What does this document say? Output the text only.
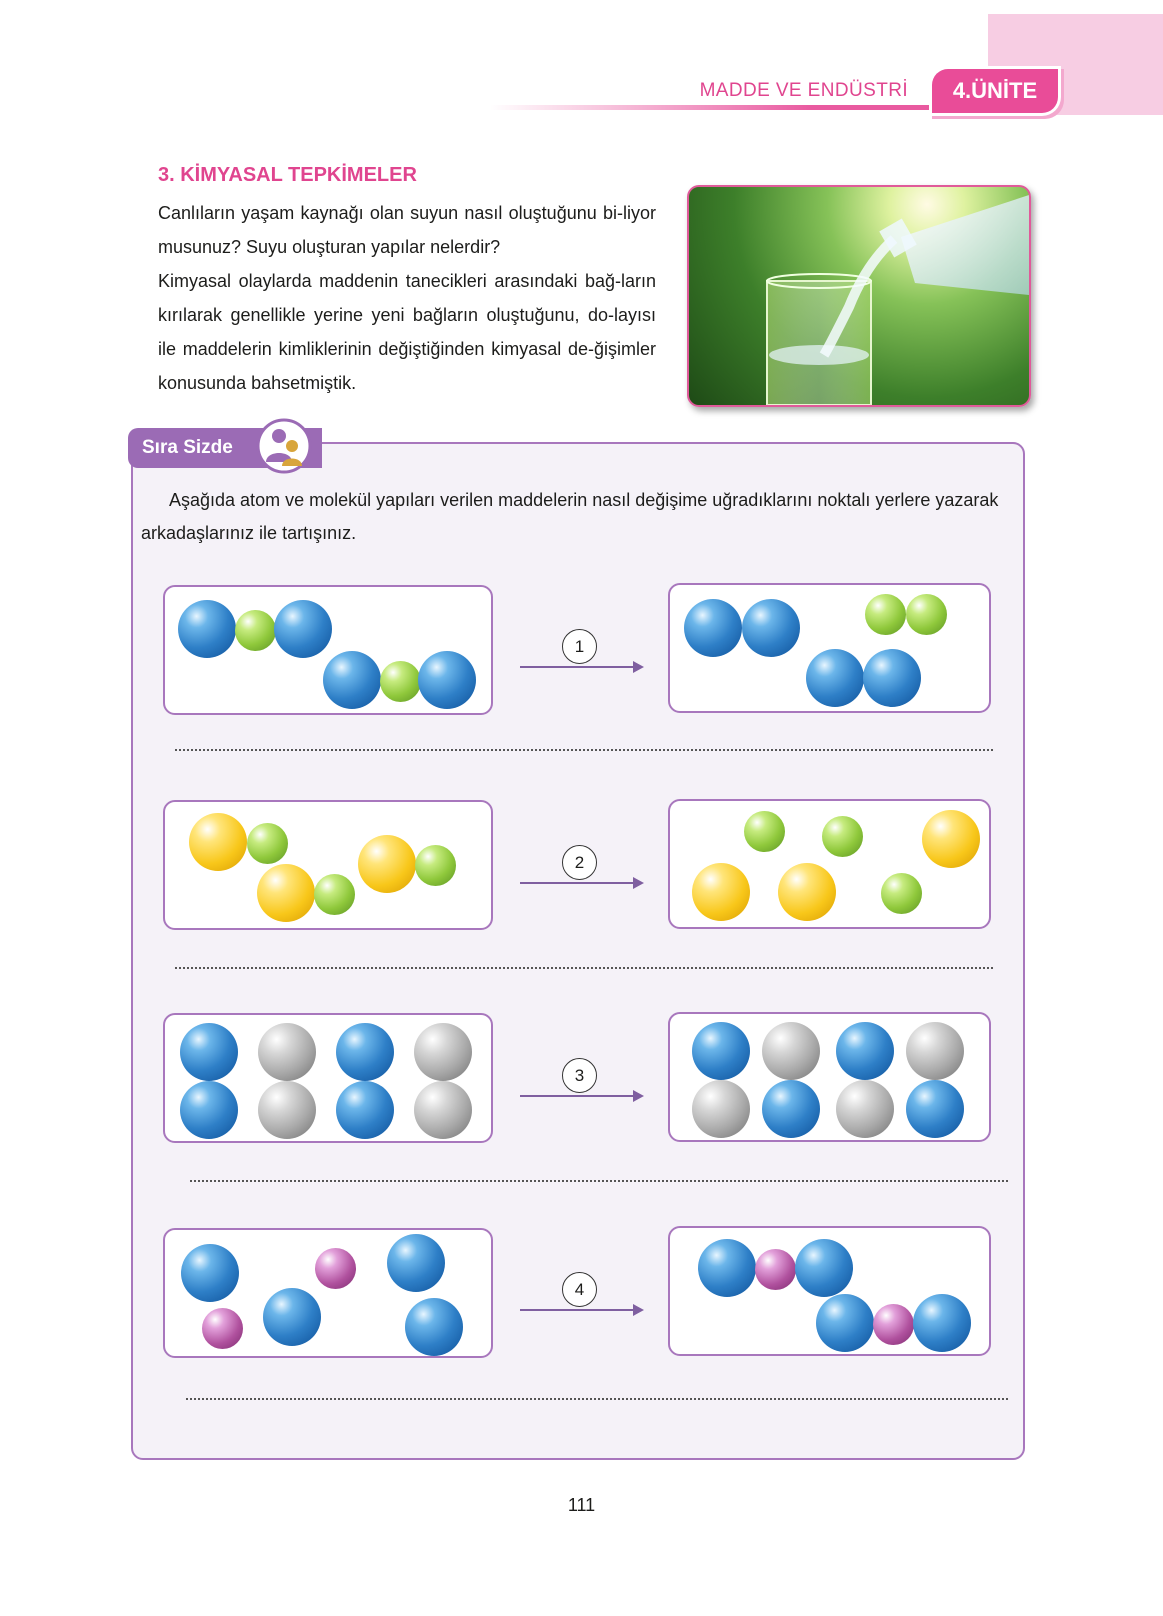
MADDE VE ENDÜSTRİ	4.ÜNİTE
3. KİMYASAL TEPKİMELER
Canlıların yaşam kaynağı olan suyun nasıl oluştuğunu bi-liyor musunuz? Suyu oluşturan yapılar nelerdir?
Kimyasal olaylarda maddenin tanecikleri arasındaki bağ-ların kırılarak genellikle yerine yeni bağların oluştuğunu, do-layısı ile maddelerin kimliklerinin değiştiğinden kimyasal de-ğişimler konusunda bahsetmiştik.
Sıra Sizde
Aşağıda atom ve molekül yapıları verilen maddelerin nasıl değişime uğradıklarını noktalı yerlere yazarak arkadaşlarınız ile tartışınız.
1
2
3
4
111
